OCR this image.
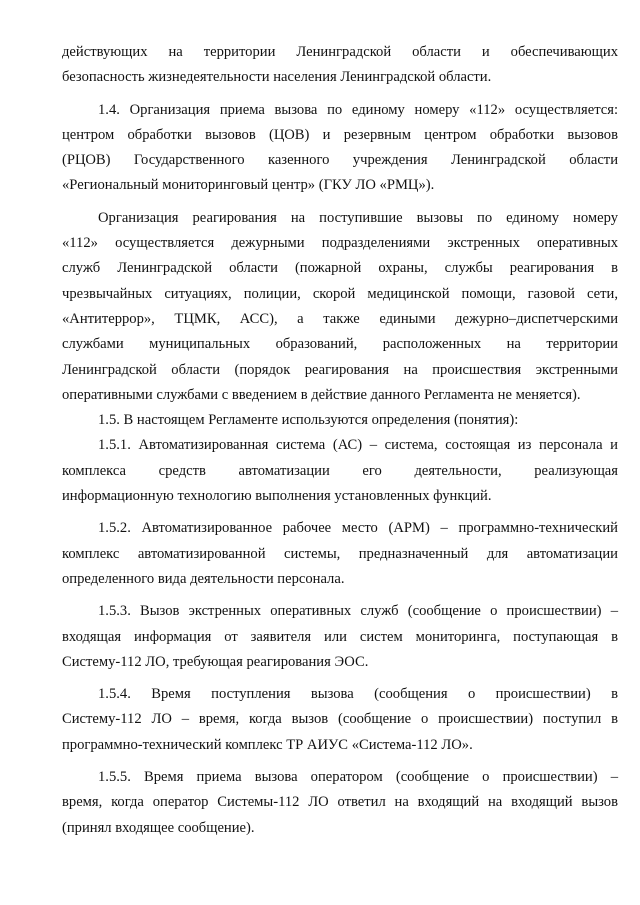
действующих на территории Ленинградской области и обеспечивающих
безопасность жизнедеятельности населения Ленинградской области.
1.4. Организация приема вызова по единому номеру «112» осуществляется:
центром обработки вызовов (ЦОВ) и резервным центром обработки вызовов
(РЦОВ) Государственного казенного учреждения Ленинградской области
«Региональный мониторинговый центр» (ГКУ ЛО «РМЦ»).
Организация реагирования на поступившие вызовы по единому номеру
«112» осуществляется дежурными подразделениями экстренных оперативных
служб Ленинградской области (пожарной охраны, службы реагирования в
чрезвычайных ситуациях, полиции, скорой медицинской помощи, газовой сети,
«Антитеррор», ТЦМК, АСС), а также едиными дежурно–диспетчерскими
службами муниципальных образований, расположенных на территории
Ленинградской области (порядок реагирования на происшествия экстренными
оперативными службами с введением в действие данного Регламента не меняется).
1.5. В настоящем Регламенте используются определения (понятия):
1.5.1. Автоматизированная система (АС) – система, состоящая из персонала и
комплекса средств автоматизации его деятельности, реализующая
информационную технологию выполнения установленных функций.
1.5.2. Автоматизированное рабочее место (АРМ) – программно-технический
комплекс автоматизированной системы, предназначенный для автоматизации
определенного вида деятельности персонала.
1.5.3. Вызов экстренных оперативных служб (сообщение о происшествии) –
входящая информация от заявителя или систем мониторинга, поступающая в
Систему-112 ЛО, требующая реагирования ЭОС.
1.5.4. Время поступления вызова (сообщения о происшествии) в
Систему-112 ЛО – время, когда вызов (сообщение о происшествии) поступил в
программно-технический комплекс ТР АИУС «Система-112 ЛО».
1.5.5. Время приема вызова оператором (сообщение о происшествии) –
время, когда оператор Системы-112 ЛО ответил на входящий на входящий вызов
(принял входящее сообщение).
